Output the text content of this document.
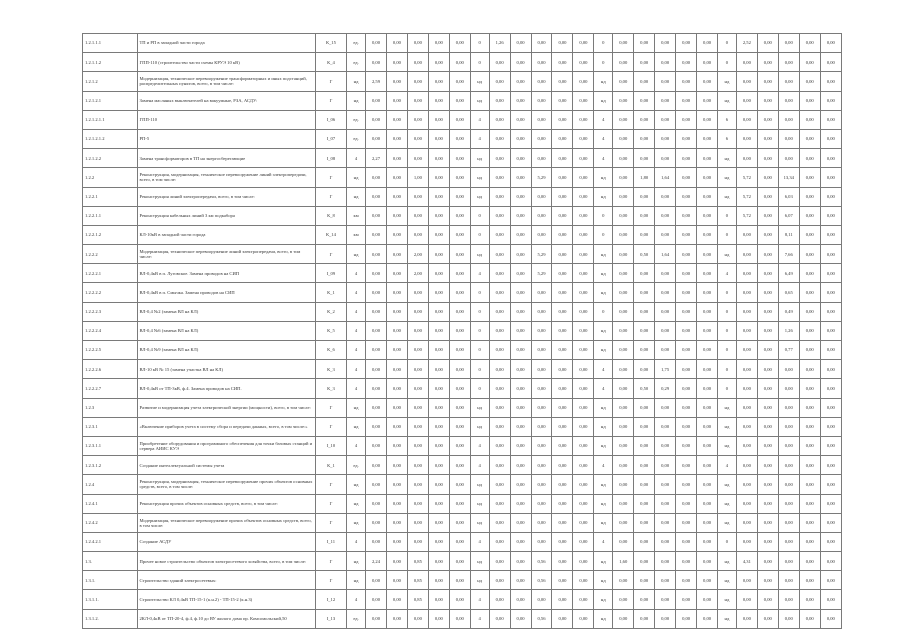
1.2.1.1.1	ТП и РП в западной части города	К_15	ед.	0,00	0,00	0,00	0,00	0,00	0	1,26	0,00	0,00	0,00	0,00	0	0,00	0,00	0,00	0,00	0,00	0	2,52	0,00	0,00	0,00	0,00
1.2.1.1.2	ГПП-110 (строительство части схемы КРУЭ 10 кВ)	К_4	ед.	0,00	0,00	0,00	0,00	0,00	0	0,00	0,00	0,00	0,00	0,00	0	0,00	0,00	0,00	0,00	0,00	0	0,00	0,00	0,00	0,00	0,00
1.2.1.2	Модернизация, техническое перевооружение трансформаторных и иных подстанций, распределительных пунктов, всего, в том числе:	Г	нд	2,59	0,00	0,00	0,00	0,00	нд	0,00	0,00	0,00	0,00	0,00	нд	0,00	0,00	0,00	0,00	0,00	нд	0,00	0,00	0,00	0,00	0,00
1.2.1.2.1	Замена масляных выключателей на вакуумные, РЗА, АСДУ:	Г	нд	0,00	0,00	0,00	0,00	0,00	нд	0,00	0,00	0,00	0,00	0,00	нд	0,00	0,00	0,00	0,00	0,00	нд	0,00	0,00	0,00	0,00	0,00
1.2.1.2.1.1	ГПП-110	І_06	ед.	0,00	0,00	0,00	0,00	0,00	4	0,00	0,00	0,00	0,00	0,00	4	0,00	0,00	0,00	0,00	0,00	6	0,00	0,00	0,00	0,00	0,00
1.2.1.2.1.2	РП-5	І_07	ед.	0,00	0,00	0,00	0,00	0,00	4	0,00	0,00	0,00	0,00	0,00	4	0,00	0,00	0,00	0,00	0,00	6	0,00	0,00	0,00	0,00	0,00
1.2.1.2.2	Замена трансформаторов в ТП на энергосберегающие	І_08	4	2,27	0,00	0,00	0,00	0,00	нд	0,00	0,00	0,00	0,00	0,00	4	0,00	0,00	0,00	0,00	0,00	нд	0,00	0,00	0,00	0,00	0,00
1.2.2	Реконструкция, модернизация, техническое перевооружение линий электропередачи, всего, в том числе:	Г	нд	0,00	0,00	1,00	0,00	0,00	нд	0,00	0,00	5,29	0,00	0,00	нд	0,00	1,80	1,64	0,00	0,00	нд	5,72	0,00	13,34	0,00	0,00
1.2.2.1	Реконструкция линий электропередачи, всего, в том числе:	Г	нд	0,00	0,00	0,00	0,00	0,00	нд	0,00	0,00	0,00	0,00	0,00	нд	0,00	0,00	0,00	0,00	0,00	нд	5,72	0,00	6,03	0,00	0,00
1.2.2.1.1	Реконструкция кабельных линий 3 км подкабора	К_8	км	0,00	0,00	0,00	0,00	0,00	0	0,00	0,00	0,00	0,00	0,00	0	0,00	0,00	0,00	0,00	0,00	0	5,72	0,00	6,07	0,00	0,00
1.2.2.1.2	КЛ-10кВ в западной части города	К_14	км	0,00	0,00	0,00	0,00	0,00	0	0,00	0,00	0,00	0,00	0,00	0	0,00	0,00	0,00	0,00	0,00	0	0,00	0,00	8,11	0,00	0,00
1.2.2.2	Модернизация, техническое перевооружение линий электропередачи, всего, в том числе:	Г	нд	0,00	0,00	2,00	0,00	0,00	нд	0,00	0,00	5,29	0,00	0,00	нд	0,00	0,50	1,64	0,00	0,00	нд	0,00	0,00	7,66	0,00	0,00
1.2.2.2.1	ВЛ-0,4кВ в п. Луговское. Замена проводов на СИП	І_09	4	0,00	0,00	2,00	0,00	0,00	4	0,00	0,00	5,29	0,00	0,00	нд	0,00	0,00	0,00	0,00	0,00	4	0,00	0,00	6,49	0,00	0,00
1.2.2.2.2	ВЛ-0,4кВ в п. Смычка. Замена проводов на СИП	К_1	4	0,00	0,00	0,00	0,00	0,00	0	0,00	0,00	0,00	0,00	0,00	нд	0,00	0,00	0,00	0,00	0,00	0	0,00	0,00	0,65	0,00	0,00
1.2.2.2.3	ВЛ-0,4 №2 (замена ВЛ на КЛ)	К_2	4	0,00	0,00	0,00	0,00	0,00	0	0,00	0,00	0,00	0,00	0,00	0	0,00	0,00	0,00	0,00	0,00	0	0,00	0,00	0,49	0,00	0,00
1.2.2.2.4	ВЛ-0,4 №6 (замена ВЛ на КЛ)	К_5	4	0,00	0,00	0,00	0,00	0,00	0	0,00	0,00	0,00	0,00	0,00	нд	0,00	0,00	0,00	0,00	0,00	0	0,00	0,00	1,26	0,00	0,00
1.2.2.2.5	ВЛ-0,4 №9 (замена ВЛ на КЛ)	К_6	4	0,00	0,00	0,00	0,00	0,00	0	0,00	0,00	0,00	0,00	0,00	нд	0,00	0,00	0,00	0,00	0,00	0	0,00	0,00	0,77	0,00	0,00
1.2.2.2.6	ВЛ-10 кВ № 15 (замена участка ВЛ на КЛ)	К_3	4	0,00	0,00	0,00	0,00	0,00	0	0,00	0,00	0,00	0,00	0,00	4	0,00	0,00	1,75	0,00	0,00	0	0,00	0,00	0,00	0,00	0,00
1.2.2.2.7	ВЛ-0,4кВ от ТП-3кВ, ф.4. Замена проводов на СИП.	К_3	4	0,00	0,00	0,00	0,00	0,00	0	0,00	0,00	0,00	0,00	0,00	4	0,00	0,50	0,29	0,00	0,00	0	0,00	0,00	0,00	0,00	0,00
1.2.3	Развитие и модернизация учета электрической энергии (мощности), всего, в том числе:	Г	нд	0,00	0,00	0,00	0,00	0,00	нд	0,00	0,00	0,00	0,00	0,00	нд	0,00	0,00	0,00	0,00	0,00	нд	0,00	0,00	0,00	0,00	0,00
1.2.3.1	«Включение приборов учета в систему сбора и передачи данных, всего, в том числе:»	Г	нд	0,00	0,00	0,00	0,00	0,00	нд	0,00	0,00	0,00	0,00	0,00	нд	0,00	0,00	0,00	0,00	0,00	нд	0,00	0,00	0,00	0,00	0,00
1.2.3.1.1	Приобретение оборудования и программного обеспечения для точки базовых станций и сервера АИИС КУЭ	І_10	4	0,00	0,00	0,00	0,00	0,00	4	0,00	0,00	0,00	0,00	0,00	нд	0,00	0,00	0,00	0,00	0,00	нд	0,00	0,00	0,00	0,00	0,00
1.2.3.1.2	Создание интеллектуальной системы учета	К_1	ед.	0,00	0,00	0,00	0,00	0,00	4	0,00	0,00	0,00	0,00	0,00	4	0,00	0,00	0,00	0,00	0,00	4	0,00	0,00	0,00	0,00	0,00
1.2.4	Реконструкция, модернизация, техническое перевооружение прочих объектов основных средств, всего, в том числе:	Г	нд	0,00	0,00	0,00	0,00	0,00	нд	0,00	0,00	0,00	0,00	0,00	нд	0,00	0,00	0,00	0,00	0,00	нд	0,00	0,00	0,00	0,00	0,00
1.2.4.1	Реконструкция прочих объектов основных средств, всего, в том числе:	Г	нд	0,00	0,00	0,00	0,00	0,00	нд	0,00	0,00	0,00	0,00	0,00	нд	0,00	0,00	0,00	0,00	0,00	нд	0,00	0,00	0,00	0,00	0,00
1.2.4.2	Модернизация, техническое перевооружение прочих объектов основных средств, всего, в том числе:	Г	нд	0,00	0,00	0,00	0,00	0,00	нд	0,00	0,00	0,00	0,00	0,00	нд	0,00	0,00	0,00	0,00	0,00	нд	0,00	0,00	0,00	0,00	0,00
1.2.4.2.1	Создание АСДУ	І_11	4	0,00	0,00	0,00	0,00	0,00	4	0,00	0,00	0,00	0,00	0,00	4	0,00	0,00	0,00	0,00	0,00	0	0,00	0,00	0,00	0,00	0,00
1.3.	Прочее новое строительство объектов электросетевого хозяйства, всего, в том числе:	Г	нд	2,24	0,00	0,85	0,00	0,00	нд	0,00	0,00	0,56	0,00	0,00	нд	1,60	0,00	0,00	0,00	0,00	нд	4,31	0,00	0,00	0,00	0,00
1.3.1.	Строительство зданий электросетевых:	Г	нд	0,00	0,00	0,85	0,00	0,00	нд	0,00	0,00	0,56	0,00	0,00	нд	0,00	0,00	0,00	0,00	0,00	нд	0,00	0,00	0,00	0,00	0,00
1.3.1.1.	Строительство КЛ 0,4кВ ТП-15-1 (к.н.2) - ТП-15-2 (к.н.3)	І_12	4	0,00	0,00	0,85	0,00	0,00	4	0,00	0,00	0,00	0,00	0,00	нд	0,00	0,00	0,00	0,00	0,00	нд	0,00	0,00	0,00	0,00	0,00
1.3.1.2.	2КЛ-0,4кВ от ТП-20-4, ф.4, ф.10 до ВУ жилого дома пр. Комсомольский,50	І_13	ед.	0,00	0,00	0,00	0,00	0,00	4	0,00	0,00	0,56	0,00	0,00	нд	0,00	0,00	0,00	0,00	0,00	нд	0,00	0,00	0,00	0,00	0,00
